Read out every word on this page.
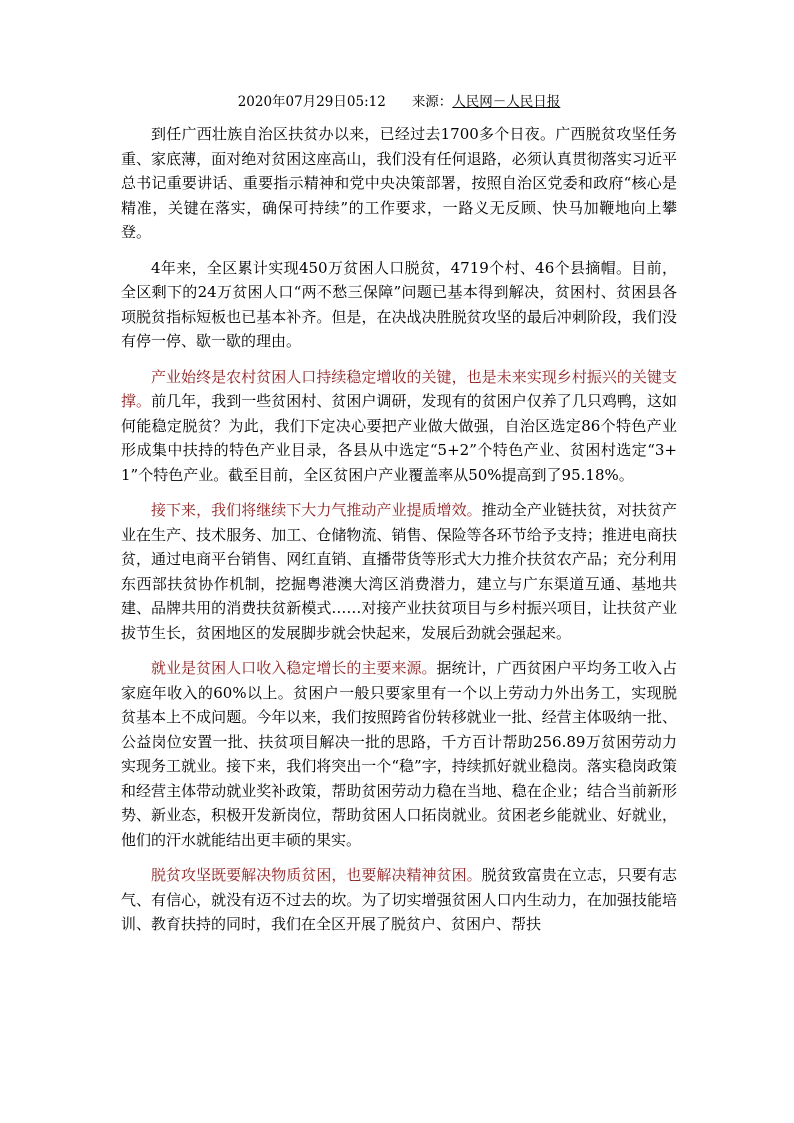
2020年07月29日05:12 来源：人民网－人民日报

到任广西壮族自治区扶贫办以来，已经过去1700多个日夜。广西脱贫攻坚任务重、家底薄，面对绝对贫困这座高山，我们没有任何退路，必须认真贯彻落实习近平总书记重要讲话、重要指示精神和党中央决策部署，按照自治区党委和政府“核心是精准，关键在落实，确保可持续”的工作要求，一路义无反顾、快马加鞭地向上攀登。

4年来，全区累计实现450万贫困人口脱贫，4719个村、46个县摘帽。目前，全区剩下的24万贫困人口“两不愁三保障”问题已基本得到解决，贫困村、贫困县各项脱贫指标短板也已基本补齐。但是，在决战决胜脱贫攻坚的最后冲刺阶段，我们没有停一停、歇一歇的理由。

产业始终是农村贫困人口持续稳定增收的关键，也是未来实现乡村振兴的关键支撑。前几年，我到一些贫困村、贫困户调研，发现有的贫困户仅养了几只鸡鸭，这如何能稳定脱贫？为此，我们下定决心要把产业做大做强，自治区选定86个特色产业形成集中扶持的特色产业目录，各县从中选定“5+2”个特色产业、贫困村选定“3+1”个特色产业。截至目前，全区贫困户产业覆盖率从50%提高到了95.18%。

接下来，我们将继续下大力气推动产业提质增效。推动全产业链扶贫，对扶贫产业在生产、技术服务、加工、仓储物流、销售、保险等各环节给予支持；推进电商扶贫，通过电商平台销售、网红直销、直播带货等形式大力推介扶贫农产品；充分利用东西部扶贫协作机制，挖掘粤港澳大湾区消费潜力，建立与广东渠道互通、基地共建、品牌共用的消费扶贫新模式……对接产业扶贫项目与乡村振兴项目，让扶贫产业拔节生长，贫困地区的发展脚步就会快起来，发展后劲就会强起来。

就业是贫困人口收入稳定增长的主要来源。据统计，广西贫困户平均务工收入占家庭年收入的60%以上。贫困户一般只要家里有一个以上劳动力外出务工，实现脱贫基本上不成问题。今年以来，我们按照跨省份转移就业一批、经营主体吸纳一批、公益岗位安置一批、扶贫项目解决一批的思路，千方百计帮助256.89万贫困劳动力实现务工就业。接下来，我们将突出一个“稳”字，持续抓好就业稳岗。落实稳岗政策和经营主体带动就业奖补政策，帮助贫困劳动力稳在当地、稳在企业；结合当前新形势、新业态，积极开发新岗位，帮助贫困人口拓岗就业。贫困老乡能就业、好就业，他们的汗水就能结出更丰硕的果实。

脱贫攻坚既要解决物质贫困，也要解决精神贫困。脱贫致富贵在立志，只要有志气、有信心，就没有迈不过去的坎。为了切实增强贫困人口内生动力，在加强技能培训、教育扶持的同时，我们在全区开展了脱贫户、贫困户、帮扶
